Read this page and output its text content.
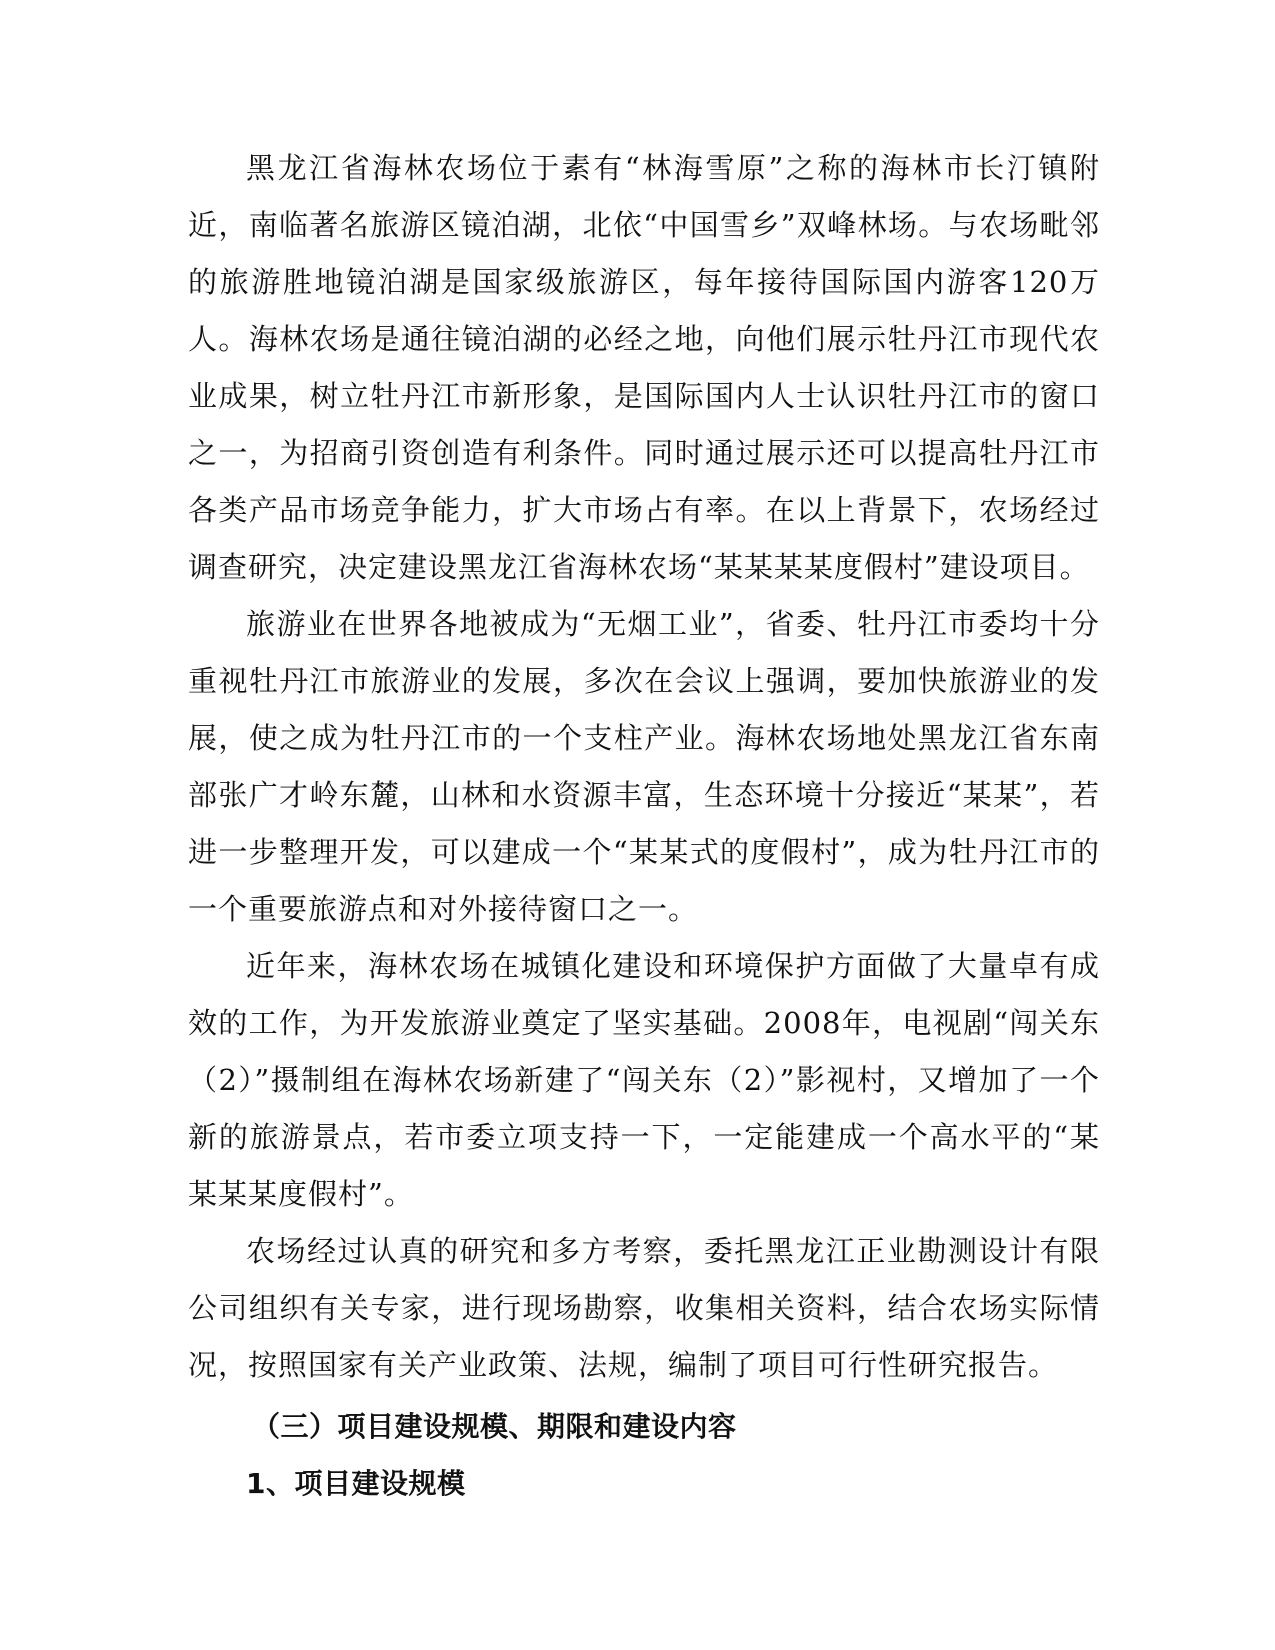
黑龙江省海林农场位于素有“林海雪原”之称的海林市长汀镇附近，南临著名旅游区镜泊湖，北依“中国雪乡”双峰林场。与农场毗邻的旅游胜地镜泊湖是国家级旅游区，每年接待国际国内游客120万人。海林农场是通往镜泊湖的必经之地，向他们展示牡丹江市现代农业成果，树立牡丹江市新形象，是国际国内人士认识牡丹江市的窗口之一，为招商引资创造有利条件。同时通过展示还可以提高牡丹江市各类产品市场竞争能力，扩大市场占有率。在以上背景下，农场经过调查研究，决定建设黑龙江省海林农场“某某某某度假村”建设项目。

旅游业在世界各地被成为“无烟工业”，省委、牡丹江市委均十分重视牡丹江市旅游业的发展，多次在会议上强调，要加快旅游业的发展，使之成为牡丹江市的一个支柱产业。海林农场地处黑龙江省东南部张广才岭东麓，山林和水资源丰富，生态环境十分接近“某某”，若进一步整理开发，可以建成一个“某某式的度假村”，成为牡丹江市的一个重要旅游点和对外接待窗口之一。

近年来，海林农场在城镇化建设和环境保护方面做了大量卓有成效的工作，为开发旅游业奠定了坚实基础。2008年，电视剧“闯关东（2）”摄制组在海林农场新建了“闯关东（2）”影视村，又增加了一个新的旅游景点，若市委立项支持一下，一定能建成一个高水平的“某某某某度假村”。

农场经过认真的研究和多方考察，委托黑龙江正业勘测设计有限公司组织有关专家，进行现场勘察，收集相关资料，结合农场实际情况，按照国家有关产业政策、法规，编制了项目可行性研究报告。

（三）项目建设规模、期限和建设内容
1、项目建设规模
